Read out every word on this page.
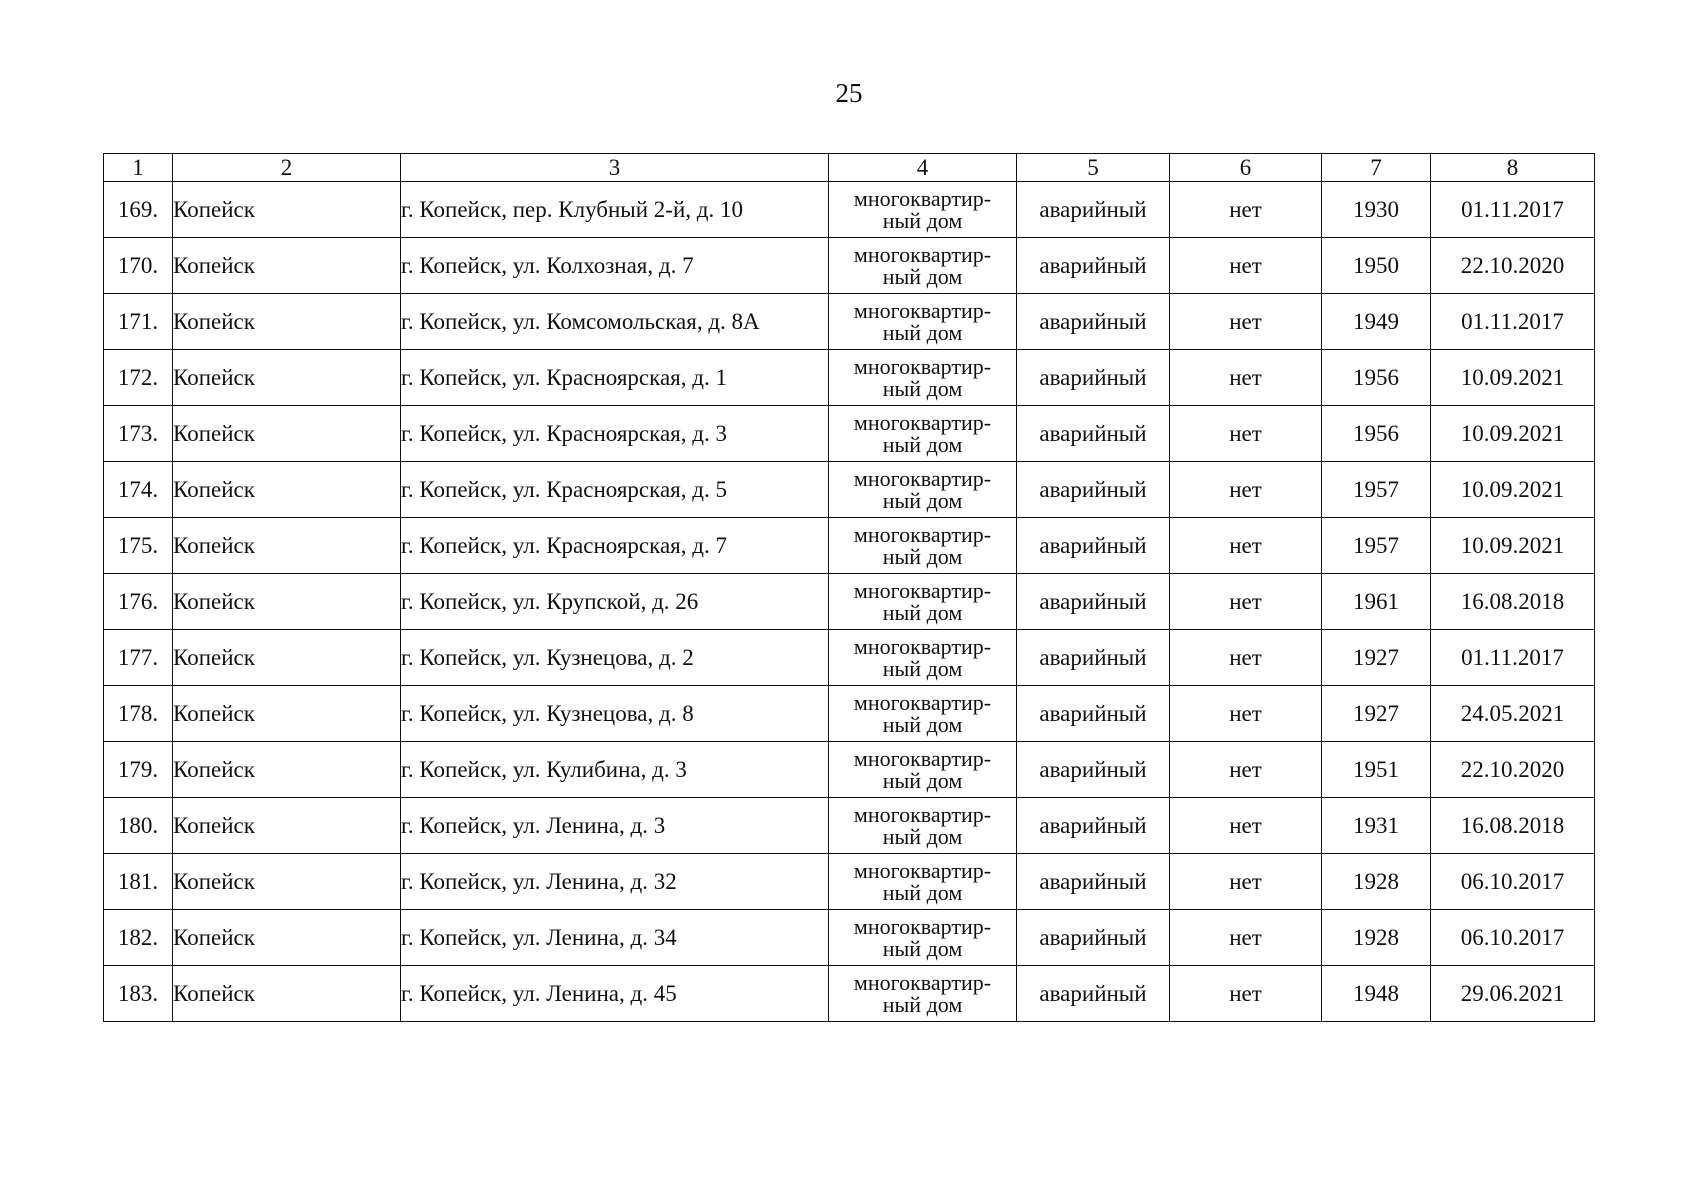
25
1	2	3	4	5	6	7	8
169.	Копейск	г. Копейск, пер. Клубный 2-й, д. 10	многоквартир-
ный дом	аварийный	нет	1930	01.11.2017
170.	Копейск	г. Копейск, ул. Колхозная, д. 7	многоквартир-
ный дом	аварийный	нет	1950	22.10.2020
171.	Копейск	г. Копейск, ул. Комсомольская, д. 8А	многоквартир-
ный дом	аварийный	нет	1949	01.11.2017
172.	Копейск	г. Копейск, ул. Красноярская, д. 1	многоквартир-
ный дом	аварийный	нет	1956	10.09.2021
173.	Копейск	г. Копейск, ул. Красноярская, д. 3	многоквартир-
ный дом	аварийный	нет	1956	10.09.2021
174.	Копейск	г. Копейск, ул. Красноярская, д. 5	многоквартир-
ный дом	аварийный	нет	1957	10.09.2021
175.	Копейск	г. Копейск, ул. Красноярская, д. 7	многоквартир-
ный дом	аварийный	нет	1957	10.09.2021
176.	Копейск	г. Копейск, ул. Крупской, д. 26	многоквартир-
ный дом	аварийный	нет	1961	16.08.2018
177.	Копейск	г. Копейск, ул. Кузнецова, д. 2	многоквартир-
ный дом	аварийный	нет	1927	01.11.2017
178.	Копейск	г. Копейск, ул. Кузнецова, д. 8	многоквартир-
ный дом	аварийный	нет	1927	24.05.2021
179.	Копейск	г. Копейск, ул. Кулибина, д. 3	многоквартир-
ный дом	аварийный	нет	1951	22.10.2020
180.	Копейск	г. Копейск, ул. Ленина, д. 3	многоквартир-
ный дом	аварийный	нет	1931	16.08.2018
181.	Копейск	г. Копейск, ул. Ленина, д. 32	многоквартир-
ный дом	аварийный	нет	1928	06.10.2017
182.	Копейск	г. Копейск, ул. Ленина, д. 34	многоквартир-
ный дом	аварийный	нет	1928	06.10.2017
183.	Копейск	г. Копейск, ул. Ленина, д. 45	многоквартир-
ный дом	аварийный	нет	1948	29.06.2021
